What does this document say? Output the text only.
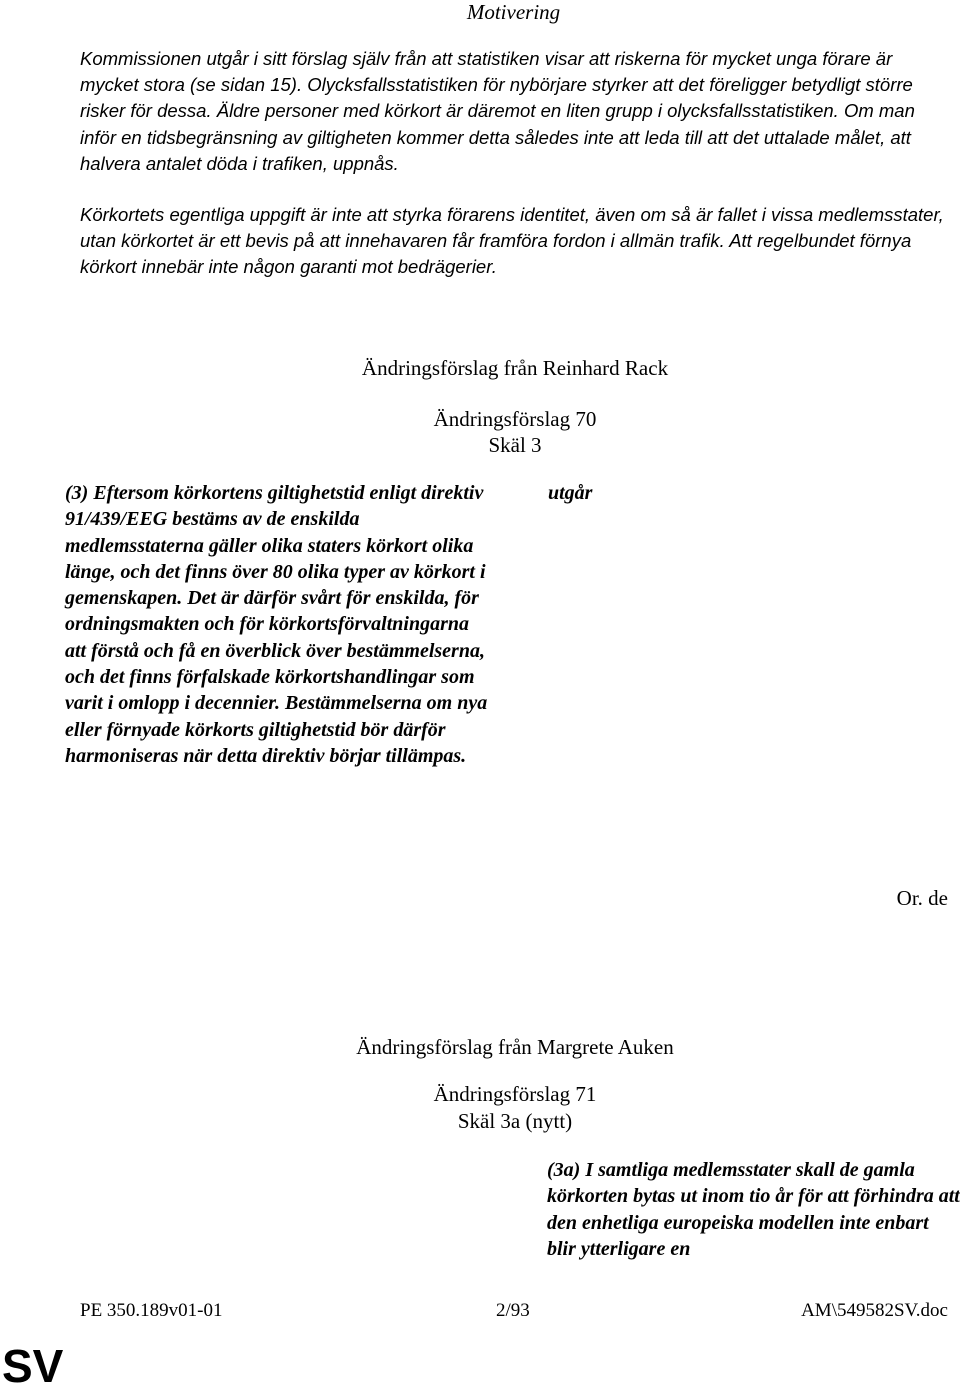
Motivering

Kommissionen utgår i sitt förslag själv från att statistiken visar att riskerna för mycket unga förare är mycket stora (se sidan 15). Olycksfallsstatistiken för nybörjare styrker att det föreligger betydligt större risker för dessa. Äldre personer med körkort är däremot en liten grupp i olycksfallsstatistiken. Om man inför en tidsbegränsning av giltigheten kommer detta således inte att leda till att det uttalade målet, att halvera antalet döda i trafiken, uppnås.

Körkortets egentliga uppgift är inte att styrka förarens identitet, även om så är fallet i vissa medlemsstater, utan körkortet är ett bevis på att innehavaren får framföra fordon i allmän trafik. Att regelbundet förnya körkort innebär inte någon garanti mot bedrägerier.

Ändringsförslag från Reinhard Rack
Ändringsförslag 70
Skäl 3
(3) Eftersom körkortens giltighetstid enligt direktiv 91/439/EEG bestäms av de enskilda medlemsstaterna gäller olika staters körkort olika länge, och det finns över 80 olika typer av körkort i gemenskapen. Det är därför svårt för enskilda, för ordningsmakten och för körkortsförvaltningarna att förstå och få en överblick över bestämmelserna, och det finns förfalskade körkortshandlingar som varit i omlopp i decennier. Bestämmelserna om nya eller förnyade körkorts giltighetstid bör därför harmoniseras när detta direktiv börjar tillämpas.
utgår
Or. de
Ändringsförslag från Margrete Auken
Ändringsförslag 71
Skäl 3a (nytt)
(3a) I samtliga medlemsstater skall de gamla körkorten bytas ut inom tio år för att förhindra att den enhetliga europeiska modellen inte enbart blir ytterligare en
PE 350.189v01-01	2/93	AM\549582SV.doc
SV
